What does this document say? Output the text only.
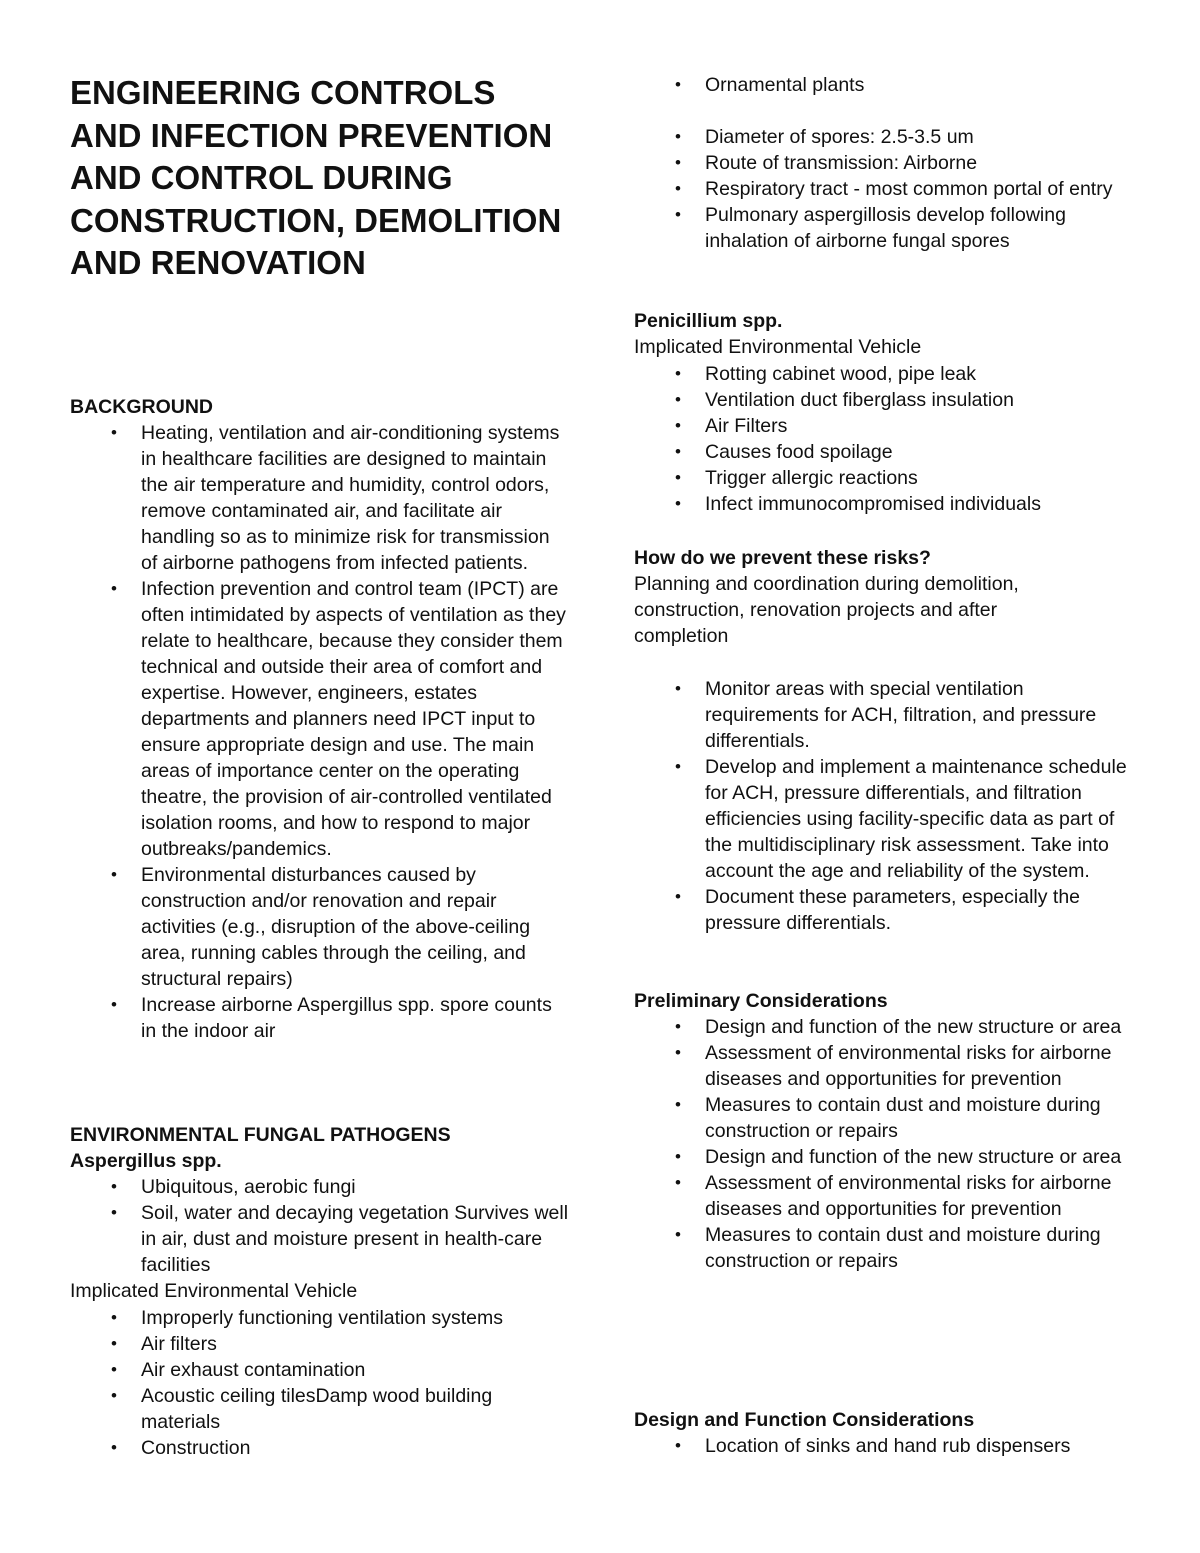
ENGINEERING CONTROLS AND INFECTION PREVENTION AND CONTROL DURING CONSTRUCTION, DEMOLITION AND RENOVATION
BACKGROUND
• Heating, ventilation and air-conditioning systems in healthcare facilities are designed to maintain the air temperature and humidity, control odors, remove contaminated air, and facilitate air handling so as to minimize risk for transmission of airborne pathogens from infected patients.
• Infection prevention and control team (IPCT) are often intimidated by aspects of ventilation as they relate to healthcare, because they consider them technical and outside their area of comfort and expertise. However, engineers, estates departments and planners need IPCT input to ensure appropriate design and use. The main areas of importance center on the operating theatre, the provision of air-controlled ventilated isolation rooms, and how to respond to major outbreaks/pandemics.
• Environmental disturbances caused by construction and/or renovation and repair activities (e.g., disruption of the above-ceiling area, running cables through the ceiling, and structural repairs)
• Increase airborne Aspergillus spp. spore counts in the indoor air
ENVIRONMENTAL FUNGAL PATHOGENS
Aspergillus spp.
• Ubiquitous, aerobic fungi
• Soil, water and decaying vegetation Survives well in air, dust and moisture present in health-care facilities

Implicated Environmental Vehicle

• Improperly functioning ventilation systems
• Air filters
• Air exhaust contamination
• Acoustic ceiling tilesDamp wood building materials
• Construction
• Ornamental plants
• Diameter of spores: 2.5-3.5 um
• Route of transmission: Airborne
• Respiratory tract - most common portal of entry
• Pulmonary aspergillosis develop following inhalation of airborne fungal spores
Penicillium spp.

Implicated Environmental Vehicle

• Rotting cabinet wood, pipe leak
• Ventilation duct fiberglass insulation
• Air Filters
• Causes food spoilage
• Trigger allergic reactions
• Infect immunocompromised individuals
How do we prevent these risks?

Planning and coordination during demolition, construction, renovation projects and after completion

• Monitor areas with special ventilation requirements for ACH, filtration, and pressure differentials.
• Develop and implement a maintenance schedule for ACH, pressure differentials, and filtration efficiencies using facility-specific data as part of the multidisciplinary risk assessment. Take into account the age and reliability of the system.
• Document these parameters, especially the pressure differentials.
Preliminary Considerations
• Design and function of the new structure or area
• Assessment of environmental risks for airborne diseases and opportunities for prevention
• Measures to contain dust and moisture during construction or repairs
• Design and function of the new structure or area
• Assessment of environmental risks for airborne diseases and opportunities for prevention
• Measures to contain dust and moisture during construction or repairs
Design and Function Considerations
• Location of sinks and hand rub dispensers
